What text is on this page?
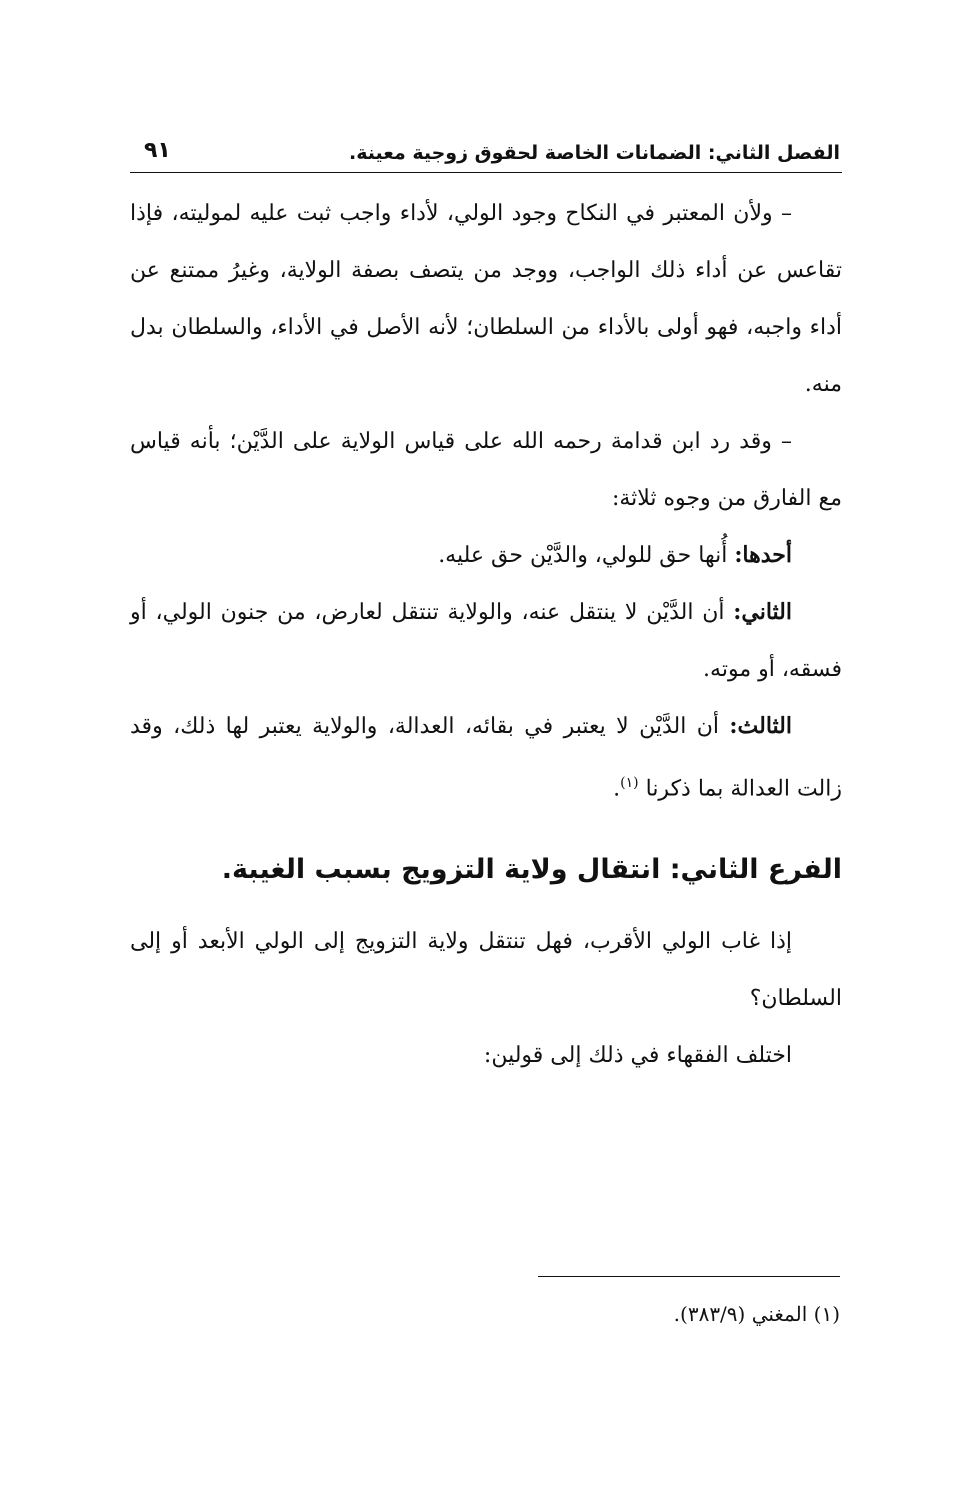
الفصل الثاني: الضمانات الخاصة لحقوق زوجية معينة.
٩١

– ولأن المعتبر في النكاح وجود الولي، لأداء واجب ثبت عليه لموليته، فإذا تقاعس عن أداء ذلك الواجب، ووجد من يتصف بصفة الولاية، وغيرُ ممتنع عن أداء واجبه، فهو أولى بالأداء من السلطان؛ لأنه الأصل في الأداء، والسلطان بدل منه.

– وقد رد ابن قدامة رحمه الله على قياس الولاية على الدَّيْن؛ بأنه قياس مع الفارق من وجوه ثلاثة:

أحدها: أُنها حق للولي، والدَّيْن حق عليه.

الثاني: أن الدَّيْن لا ينتقل عنه، والولاية تنتقل لعارض، من جنون الولي، أو فسقه، أو موته.

الثالث: أن الدَّيْن لا يعتبر في بقائه، العدالة، والولاية يعتبر لها ذلك، وقد زالت العدالة بما ذكرنا $^{(١)}$.

الفرع الثاني: انتقال ولاية التزويج بسبب الغيبة.

إذا غاب الولي الأقرب، فهل تنتقل ولاية التزويج إلى الولي الأبعد أو إلى السلطان؟

اختلف الفقهاء في ذلك إلى قولين:

(١) المغني (٣٨٣/٩).
